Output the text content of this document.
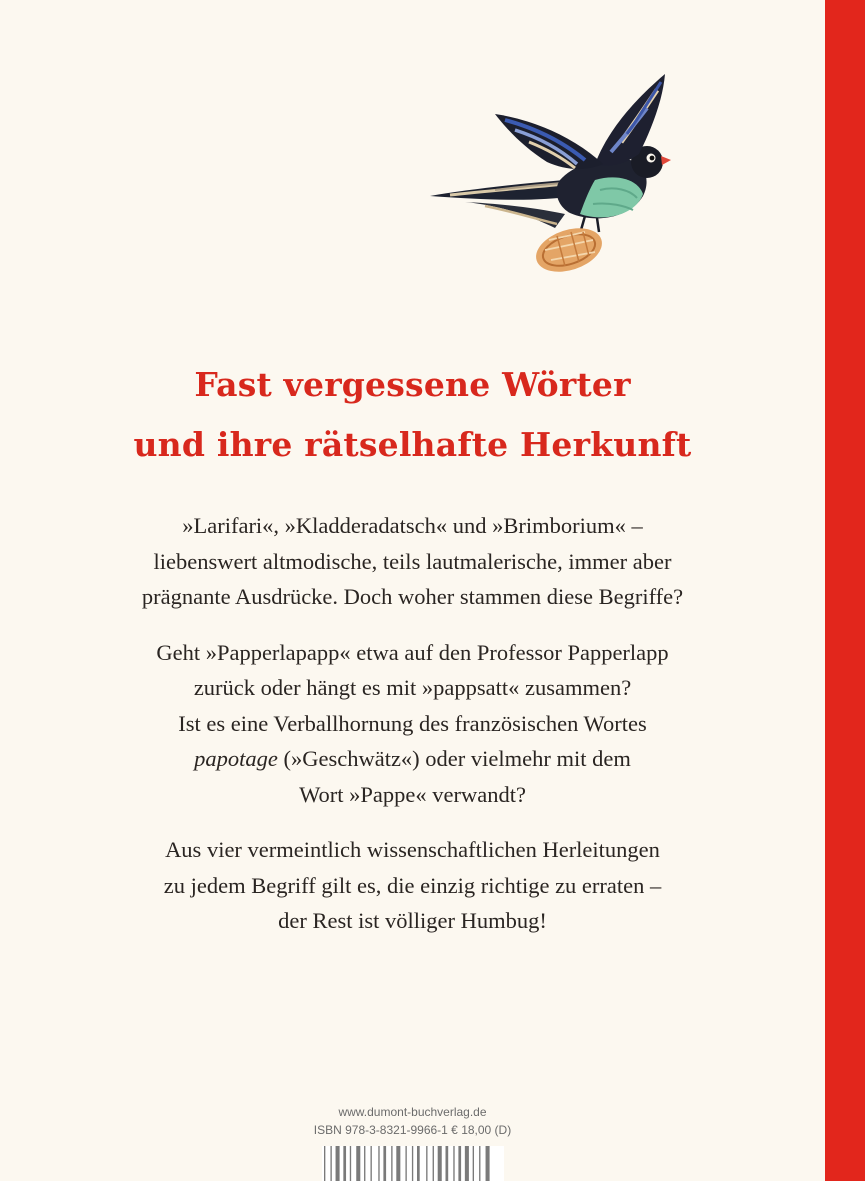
Fast vergessene Wörter
und ihre rätselhafte Herkunft
»Larifari«, »Kladderadatsch« und »Brimborium« –
liebenswert altmodische, teils lautmalerische, immer aber
prägnante Ausdrücke. Doch woher stammen diese Begriffe?
Geht »Papperlapapp« etwa auf den Professor Papperlapp
zurück oder hängt es mit »pappsatt« zusammen?
Ist es eine Verballhornung des französischen Wortes
papotage (»Geschwätz«) oder vielmehr mit dem
Wort »Pappe« verwandt?
Aus vier vermeintlich wissenschaftlichen Herleitungen
zu jedem Begriff gilt es, die einzig richtige zu erraten –
der Rest ist völliger Humbug!
www.dumont-buchverlag.de
ISBN 978-3-8321-9966-1 € 18,00 (D)
